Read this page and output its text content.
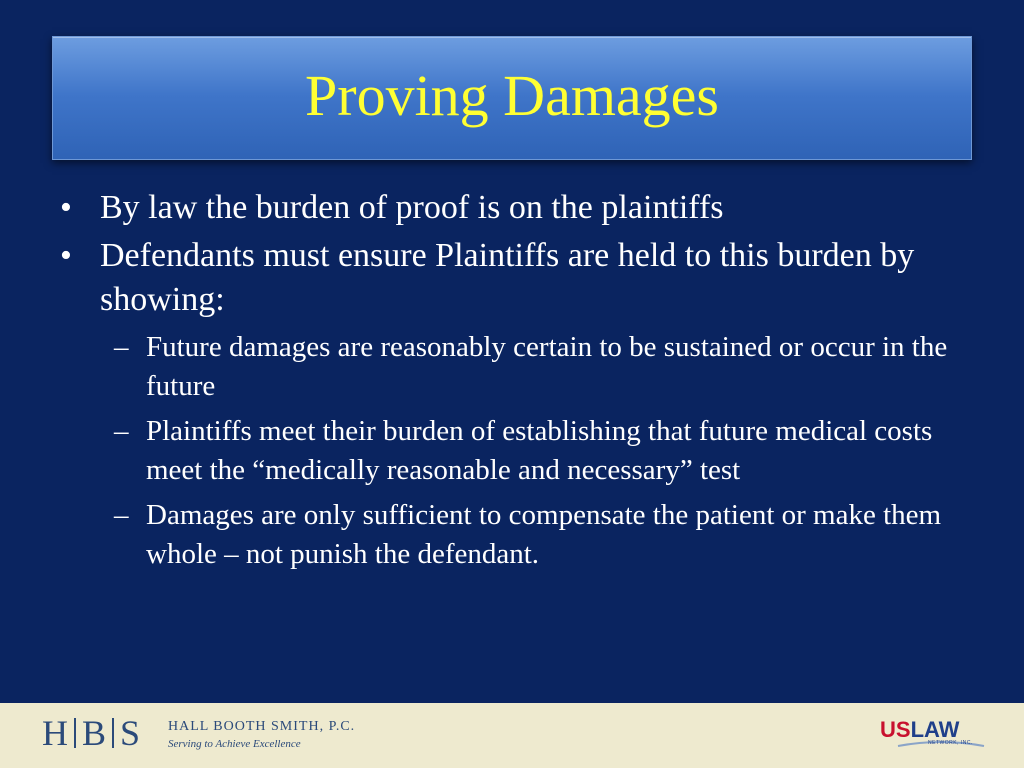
Proving Damages
• By law the burden of proof is on the plaintiffs
• Defendants must ensure Plaintiffs are held to this burden by showing:
– Future damages are reasonably certain to be sustained or occur in the future
– Plaintiffs meet their burden of establishing that future medical costs meet the “medically reasonable and necessary” test
– Damages are only sufficient to compensate the patient or make them whole – not punish the defendant.
H B S HALL BOOTH SMITH, P.C.
Serving to Achieve Excellence
USLAW
NETWORK, INC.
